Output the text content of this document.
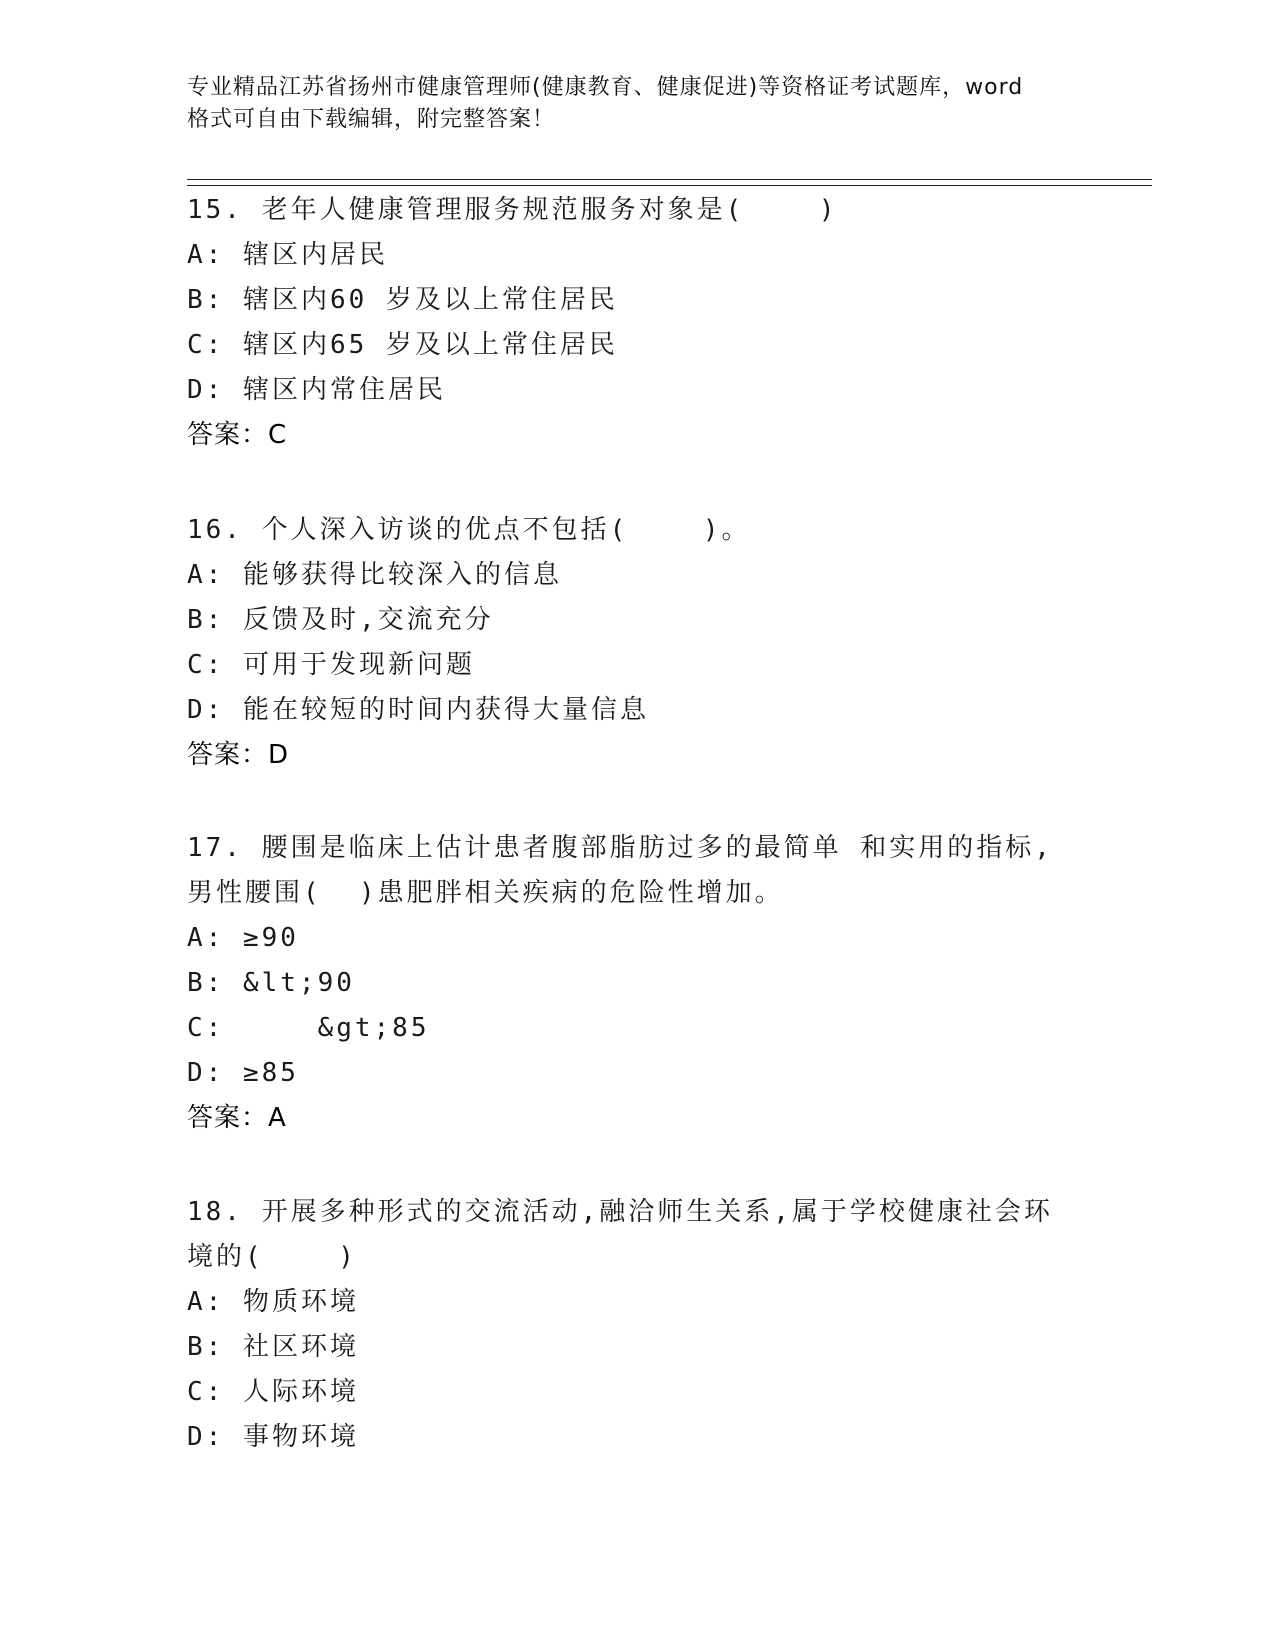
专业精品江苏省扬州市健康管理师(健康教育、健康促进)等资格证考试题库，word
格式可自由下载编辑，附完整答案！
15. 老年人健康管理服务规范服务对象是(    )
A: 辖区内居民
B: 辖区内60 岁及以上常住居民
C: 辖区内65 岁及以上常住居民
D: 辖区内常住居民
答案：C
16. 个人深入访谈的优点不包括(    )。
A: 能够获得比较深入的信息
B: 反馈及时,交流充分
C: 可用于发现新问题
D: 能在较短的时间内获得大量信息
答案：D
17. 腰围是临床上估计患者腹部脂肪过多的最简单 和实用的指标,男性腰围(  )患肥胖相关疾病的危险性增加。
A: ≥90
B: &lt;90
C:     &gt;85
D: ≥85
答案：A
18. 开展多种形式的交流活动,融洽师生关系,属于学校健康社会环境的(    )
A: 物质环境
B: 社区环境
C: 人际环境
D: 事物环境
